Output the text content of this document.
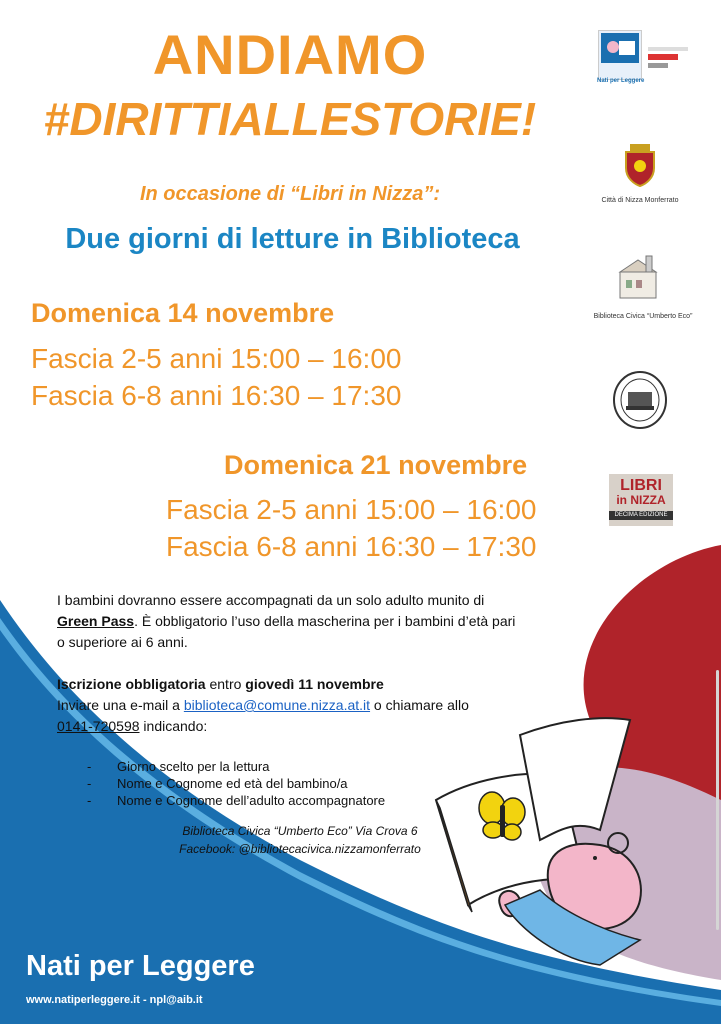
Nati per Leggere
Città di Nizza Monferrato
Biblioteca Civica “Umberto Eco”
LIBRI
in NIZZA
DECIMA EDIZIONE
ANDIAMO
#DIRITTIALLESTORIE!
In occasione di “Libri in Nizza”:
Due giorni di letture in Biblioteca
Domenica 14 novembre
Fascia 2-5 anni 15:00 – 16:00
Fascia 6-8 anni 16:30 – 17:30
Domenica 21 novembre
Fascia 2-5 anni 15:00 – 16:00
Fascia 6-8 anni 16:30 – 17:30

I bambini dovranno essere accompagnati da un solo adulto munito di Green Pass. È obbligatorio l’uso della mascherina per i bambini d’età pari o superiore ai 6 anni.

Iscrizione obbligatoria entro giovedì 11 novembre
Inviare una e-mail a biblioteca@comune.nizza.at.it o chiamare allo
0141-720598 indicando:
- Giorno scelto per la lettura
- Nome e Cognome ed età del bambino/a
- Nome e Cognome dell’adulto accompagnatore
Biblioteca Civica “Umberto Eco” Via Crova 6
Facebook: @bibliotecacivica.nizzamonferrato
Nati per Leggere
www.natiperleggere.it - npl@aib.it
